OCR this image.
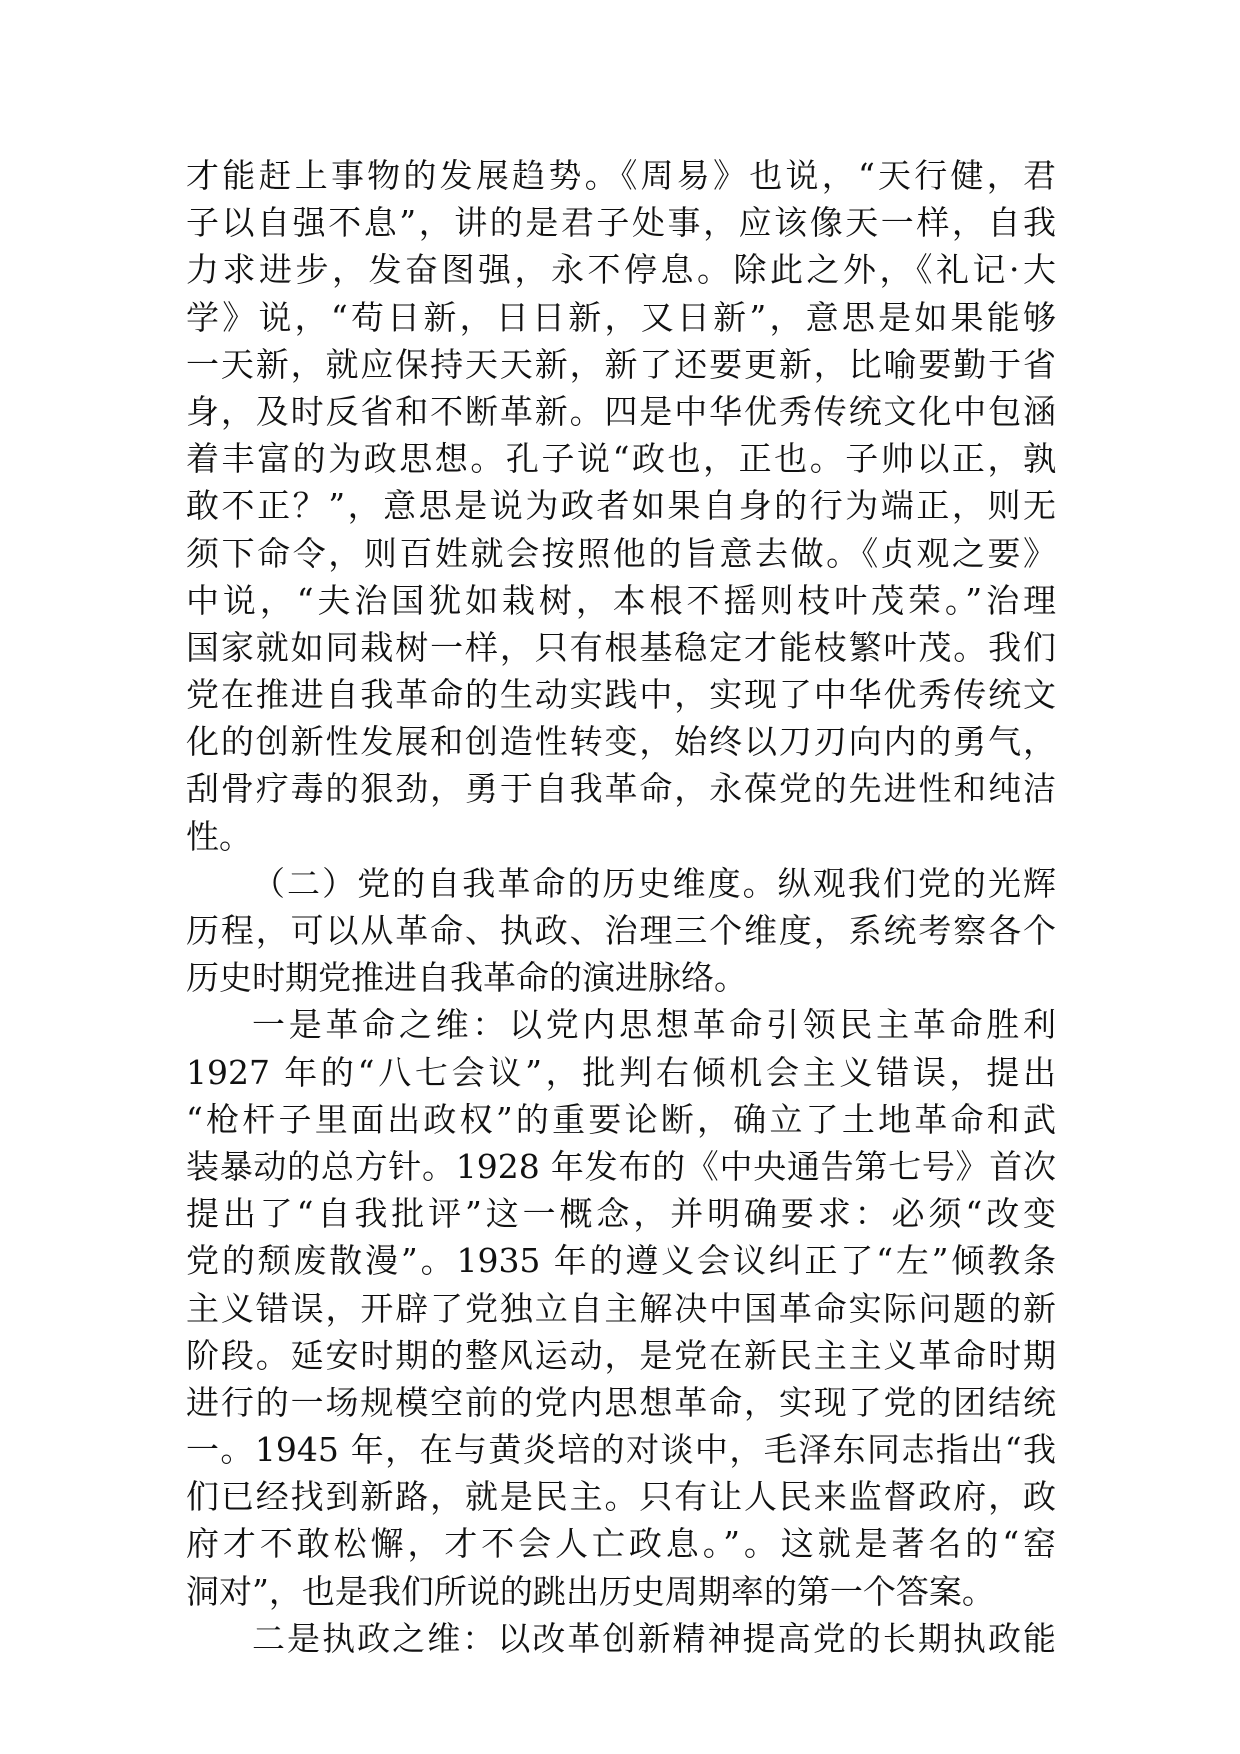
才能赶上事物的发展趋势。《周易》也说，“天行健，君
子以自强不息”，讲的是君子处事，应该像天一样，自我
力求进步，发奋图强，永不停息。除此之外，《礼记·大
学》说，“苟日新，日日新，又日新”，意思是如果能够
一天新，就应保持天天新，新了还要更新，比喻要勤于省
身，及时反省和不断革新。四是中华优秀传统文化中包涵
着丰富的为政思想。孔子说“政也，正也。子帅以正，孰
敢不正？”，意思是说为政者如果自身的行为端正，则无
须下命令，则百姓就会按照他的旨意去做。《贞观之要》
中说，“夫治国犹如栽树，本根不摇则枝叶茂荣。”治理
国家就如同栽树一样，只有根基稳定才能枝繁叶茂。我们
党在推进自我革命的生动实践中，实现了中华优秀传统文
化的创新性发展和创造性转变，始终以刀刃向内的勇气，
刮骨疗毒的狠劲，勇于自我革命，永葆党的先进性和纯洁
性。
（二）党的自我革命的历史维度。纵观我们党的光辉
历程，可以从革命、执政、治理三个维度，系统考察各个
历史时期党推进自我革命的演进脉络。
一是革命之维：以党内思想革命引领民主革命胜利
1927 年的“八七会议”，批判右倾机会主义错误，提出
“枪杆子里面出政权”的重要论断，确立了土地革命和武
装暴动的总方针。1928 年发布的《中央通告第七号》首次
提出了“自我批评”这一概念，并明确要求：必须“改变
党的颓废散漫”。1935 年的遵义会议纠正了“左”倾教条
主义错误，开辟了党独立自主解决中国革命实际问题的新
阶段。延安时期的整风运动，是党在新民主主义革命时期
进行的一场规模空前的党内思想革命，实现了党的团结统
一。1945 年，在与黄炎培的对谈中，毛泽东同志指出“我
们已经找到新路，就是民主。只有让人民来监督政府，政
府才不敢松懈，才不会人亡政息。”。这就是著名的“窑
洞对”，也是我们所说的跳出历史周期率的第一个答案。
二是执政之维：以改革创新精神提高党的长期执政能
